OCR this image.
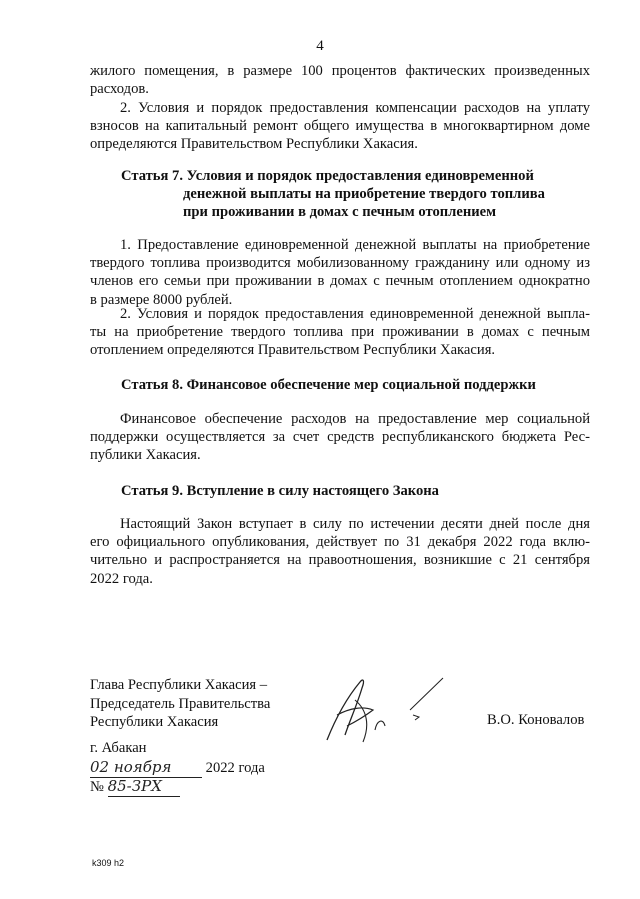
4
жилого помещения, в размере 100 процентов фактических произведенных
расходов.
2. Условия и порядок предоставления компенсации расходов на уплату
взносов на капитальный ремонт общего имущества в многоквартирном доме
определяются Правительством Республики Хакасия.
Статья 7. Условия и порядок предоставления единовременной
денежной выплаты на приобретение твердого топлива
при проживании в домах с печным отоплением
1. Предоставление единовременной денежной выплаты на приобретение
твердого топлива производится мобилизованному гражданину или одному из
членов его семьи при проживании в домах с печным отоплением однократно
в размере 8000 рублей.
2. Условия и порядок предоставления единовременной денежной выпла-
ты на приобретение твердого топлива при проживании в домах с печным
отоплением определяются Правительством Республики Хакасия.
Статья 8. Финансовое обеспечение мер социальной поддержки
Финансовое обеспечение расходов на предоставление мер социальной
поддержки осуществляется за счет средств республиканского бюджета Рес-
публики Хакасия.
Статья 9. Вступление в силу настоящего Закона
Настоящий Закон вступает в силу по истечении десяти дней после дня
его официального опубликования, действует по 31 декабря 2022 года вклю-
чительно и распространяется на правоотношения, возникшие с 21 сентября
2022 года.
Глава Республики Хакасия –
Председатель Правительства
Республики Хакасия	В.О. Коновалов
г. Абакан
02 ноября 2022 года
№ 85-ЗРХ
k309 h2
